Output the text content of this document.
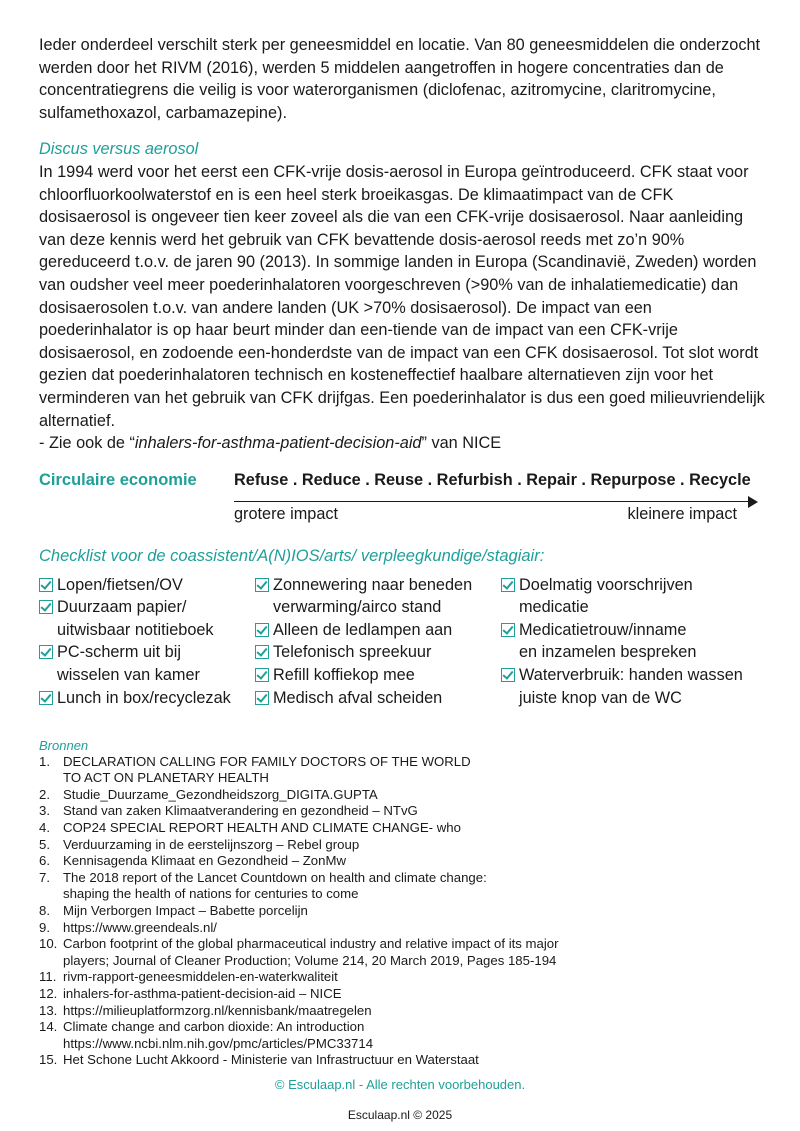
Ieder onderdeel verschilt sterk per geneesmiddel en locatie. Van 80 geneesmiddelen die onderzocht werden door het RIVM (2016), werden 5 middelen aangetroffen in hogere concentraties dan de concentratiegrens die veilig is voor waterorganismen (diclofenac, azitromycine, claritromycine, sulfamethoxazol, carbamazepine).

Discus versus aerosol

In 1994 werd voor het eerst een CFK-vrije dosis-aerosol in Europa geïntroduceerd. CFK staat voor chloorfluorkoolwaterstof en is een heel sterk broeikasgas. De klimaatimpact van de CFK dosisaerosol is ongeveer tien keer zoveel als die van een CFK-vrije dosisaerosol. Naar aanleiding van deze kennis werd het gebruik van CFK bevattende dosis-aerosol reeds met zo’n 90% gereduceerd t.o.v. de jaren 90 (2013). In sommige landen in Europa (Scandinavië, Zweden) worden van oudsher veel meer poederinhalatoren voorgeschreven (>90% van de inhalatiemedicatie) dan dosisaerosolen t.o.v. van andere landen (UK >70% dosisaerosol). De impact van een poederinhalator is op haar beurt minder dan een-tiende van de impact van een CFK-vrije dosisaerosol, en zodoende een-honderdste van de impact van een CFK dosisaerosol. Tot slot wordt gezien dat poederinhalatoren technisch en kosteneffectief haalbare alternatieven zijn voor het verminderen van het gebruik van CFK drijfgas. Een poederinhalator is dus een goed milieuvriendelijk alternatief.

- Zie ook de “inhalers-for-asthma-patient-decision-aid” van NICE

Circulaire economie Refuse . Reduce . Reuse . Refurbish . Repair . Repurpose . Recycle
grotere impact	kleinere impact

Checklist voor de coassistent/A(N)IOS/arts/ verpleegkundige/stagiair:

Lopen/fietsen/OV
Duurzaam papier/
uitwisbaar notitieboek
PC-scherm uit bij
wisselen van kamer
Lunch in box/recyclezak
Zonnewering naar beneden
verwarming/airco stand
Alleen de ledlampen aan
Telefonisch spreekuur
Refill koffiekop mee
Medisch afval scheiden
Doelmatig voorschrijven
medicatie
Medicatietrouw/inname
en inzamelen bespreken
Waterverbruik: handen wassen
juiste knop van de WC
Bronnen
1. DECLARATION CALLING FOR FAMILY DOCTORS OF THE WORLD
TO ACT ON PLANETARY HEALTH
2. Studie_Duurzame_Gezondheidszorg_DIGITA.GUPTA
3. Stand van zaken Klimaatverandering en gezondheid – NTvG
4. COP24 SPECIAL REPORT HEALTH AND CLIMATE CHANGE- who
5. Verduurzaming in de eerstelijnszorg – Rebel group
6. Kennisagenda Klimaat en Gezondheid – ZonMw
7. The 2018 report of the Lancet Countdown on health and climate change:
shaping the health of nations for centuries to come
8. Mijn Verborgen Impact – Babette porcelijn
9. https://www.greendeals.nl/
10. Carbon footprint of the global pharmaceutical industry and relative impact of its major
players; Journal of Cleaner Production; Volume 214, 20 March 2019, Pages 185-194
11. rivm-rapport-geneesmiddelen-en-waterkwaliteit
12. inhalers-for-asthma-patient-decision-aid – NICE
13. https://milieuplatformzorg.nl/kennisbank/maatregelen
14. Climate change and carbon dioxide: An introduction
https://www.ncbi.nlm.nih.gov/pmc/articles/PMC33714
15. Het Schone Lucht Akkoord - Ministerie van Infrastructuur en Waterstaat
© Esculaap.nl - Alle rechten voorbehouden.
Esculaap.nl © 2025
